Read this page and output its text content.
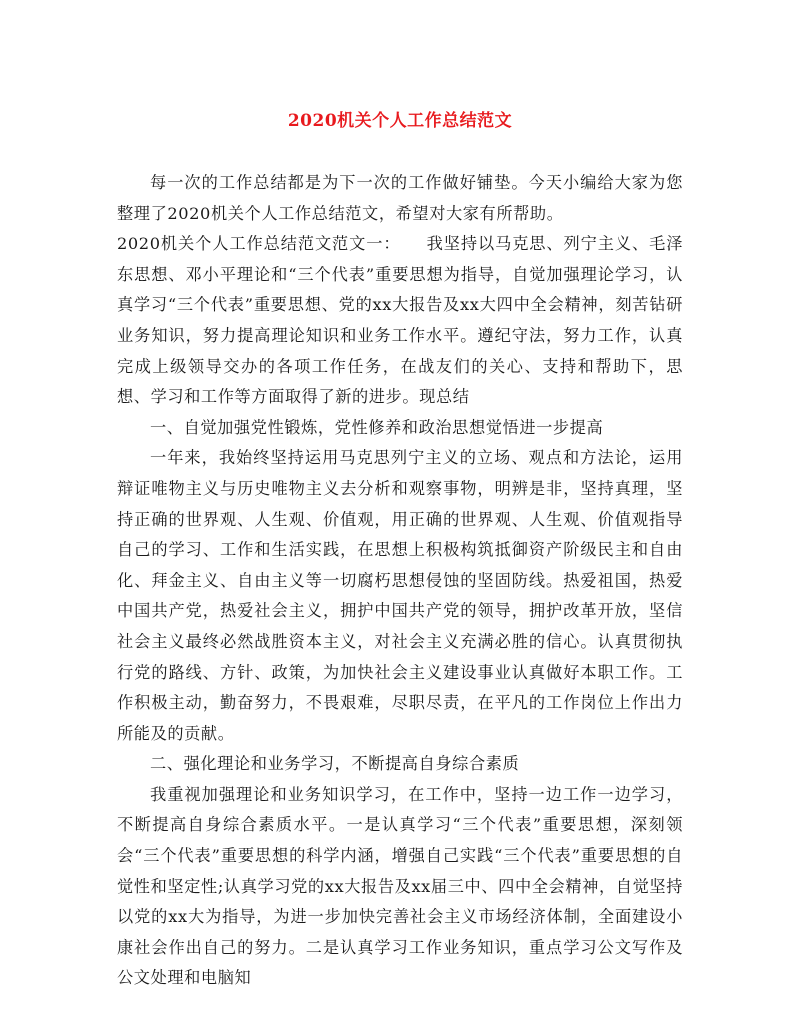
2020机关个人工作总结范文

每一次的工作总结都是为下一次的工作做好铺垫。今天小编给大家为您整理了2020机关个人工作总结范文，希望对大家有所帮助。

2020机关个人工作总结范文范文一：　　我坚持以马克思、列宁主义、毛泽东思想、邓小平理论和“三个代表”重要思想为指导，自觉加强理论学习，认真学习“三个代表”重要思想、党的xx大报告及xx大四中全会精神，刻苦钻研业务知识，努力提高理论知识和业务工作水平。遵纪守法，努力工作，认真完成上级领导交办的各项工作任务，在战友们的关心、支持和帮助下，思想、学习和工作等方面取得了新的进步。现总结

一、自觉加强党性锻炼，党性修养和政治思想觉悟进一步提高

一年来，我始终坚持运用马克思列宁主义的立场、观点和方法论，运用辩证唯物主义与历史唯物主义去分析和观察事物，明辨是非，坚持真理，坚持正确的世界观、人生观、价值观，用正确的世界观、人生观、价值观指导自己的学习、工作和生活实践，在思想上积极构筑抵御资产阶级民主和自由化、拜金主义、自由主义等一切腐朽思想侵蚀的坚固防线。热爱祖国，热爱中国共产党，热爱社会主义，拥护中国共产党的领导，拥护改革开放，坚信社会主义最终必然战胜资本主义，对社会主义充满必胜的信心。认真贯彻执行党的路线、方针、政策，为加快社会主义建设事业认真做好本职工作。工作积极主动，勤奋努力，不畏艰难，尽职尽责，在平凡的工作岗位上作出力所能及的贡献。

二、强化理论和业务学习，不断提高自身综合素质

我重视加强理论和业务知识学习，在工作中，坚持一边工作一边学习，不断提高自身综合素质水平。一是认真学习“三个代表”重要思想，深刻领会“三个代表”重要思想的科学内涵，增强自己实践“三个代表”重要思想的自觉性和坚定性;认真学习党的xx大报告及xx届三中、四中全会精神，自觉坚持以党的xx大为指导，为进一步加快完善社会主义市场经济体制，全面建设小康社会作出自己的努力。二是认真学习工作业务知识，重点学习公文写作及公文处理和电脑知
